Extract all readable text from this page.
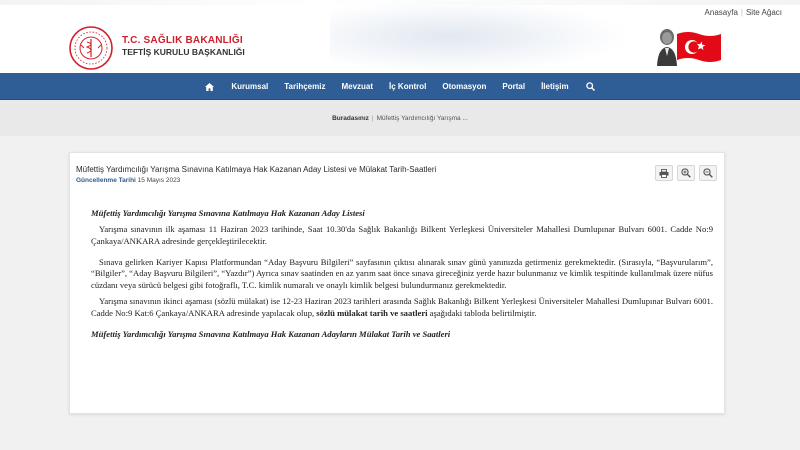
Anasayfa | Site Ağacı
T.C. SAĞLIK BAKANLIĞI
TEFTİŞ KURULU BAŞKANLIĞI
Kurumsal	Tarihçemiz	Mevzuat	İç Kontrol	Otomasyon	Portal	İletişim
Buradasınız | Müfettiş Yardımcılığı Yarışma ...
Müfettiş Yardımcılığı Yarışma Sınavına Katılmaya Hak Kazanan Aday Listesi ve Mülakat Tarih-Saatleri
Güncellenme Tarihi 15 Mayıs 2023

Müfettiş Yardımcılığı Yarışma Sınavına Katılmaya Hak Kazanan Aday Listesi

Yarışma sınavının ilk aşaması 11 Haziran 2023 tarihinde, Saat 10.30'da Sağlık Bakanlığı Bilkent Yerleşkesi Üniversiteler Mahallesi Dumlupınar Bulvarı 6001. Cadde No:9 Çankaya/ANKARA adresinde gerçekleştirilecektir.

Sınava gelirken Kariyer Kapısı Platformundan “Aday Başvuru Bilgileri” sayfasının çıktısı alınarak sınav günü yanınızda getirmeniz gerekmektedir. (Sırasıyla, “Başvurularım”, “Bilgiler”, “Aday Başvuru Bilgileri”, “Yazdır”) Ayrıca sınav saatinden en az yarım saat önce sınava gireceğiniz yerde hazır bulunmanız ve kimlik tespitinde kullanılmak üzere nüfus cüzdanı veya sürücü belgesi gibi fotoğraflı, T.C. kimlik numaralı ve onaylı kimlik belgesi bulundurmanız gerekmektedir.

Yarışma sınavının ikinci aşaması (sözlü mülakat) ise 12-23 Haziran 2023 tarihleri arasında Sağlık Bakanlığı Bilkent Yerleşkesi Üniversiteler Mahallesi Dumlupınar Bulvarı 6001. Cadde No:9 Kat:6 Çankaya/ANKARA adresinde yapılacak olup, sözlü mülakat tarih ve saatleri aşağıdaki tabloda belirtilmiştir.

Müfettiş Yardımcılığı Yarışma Sınavına Katılmaya Hak Kazanan Adayların Mülakat Tarih ve Saatleri
